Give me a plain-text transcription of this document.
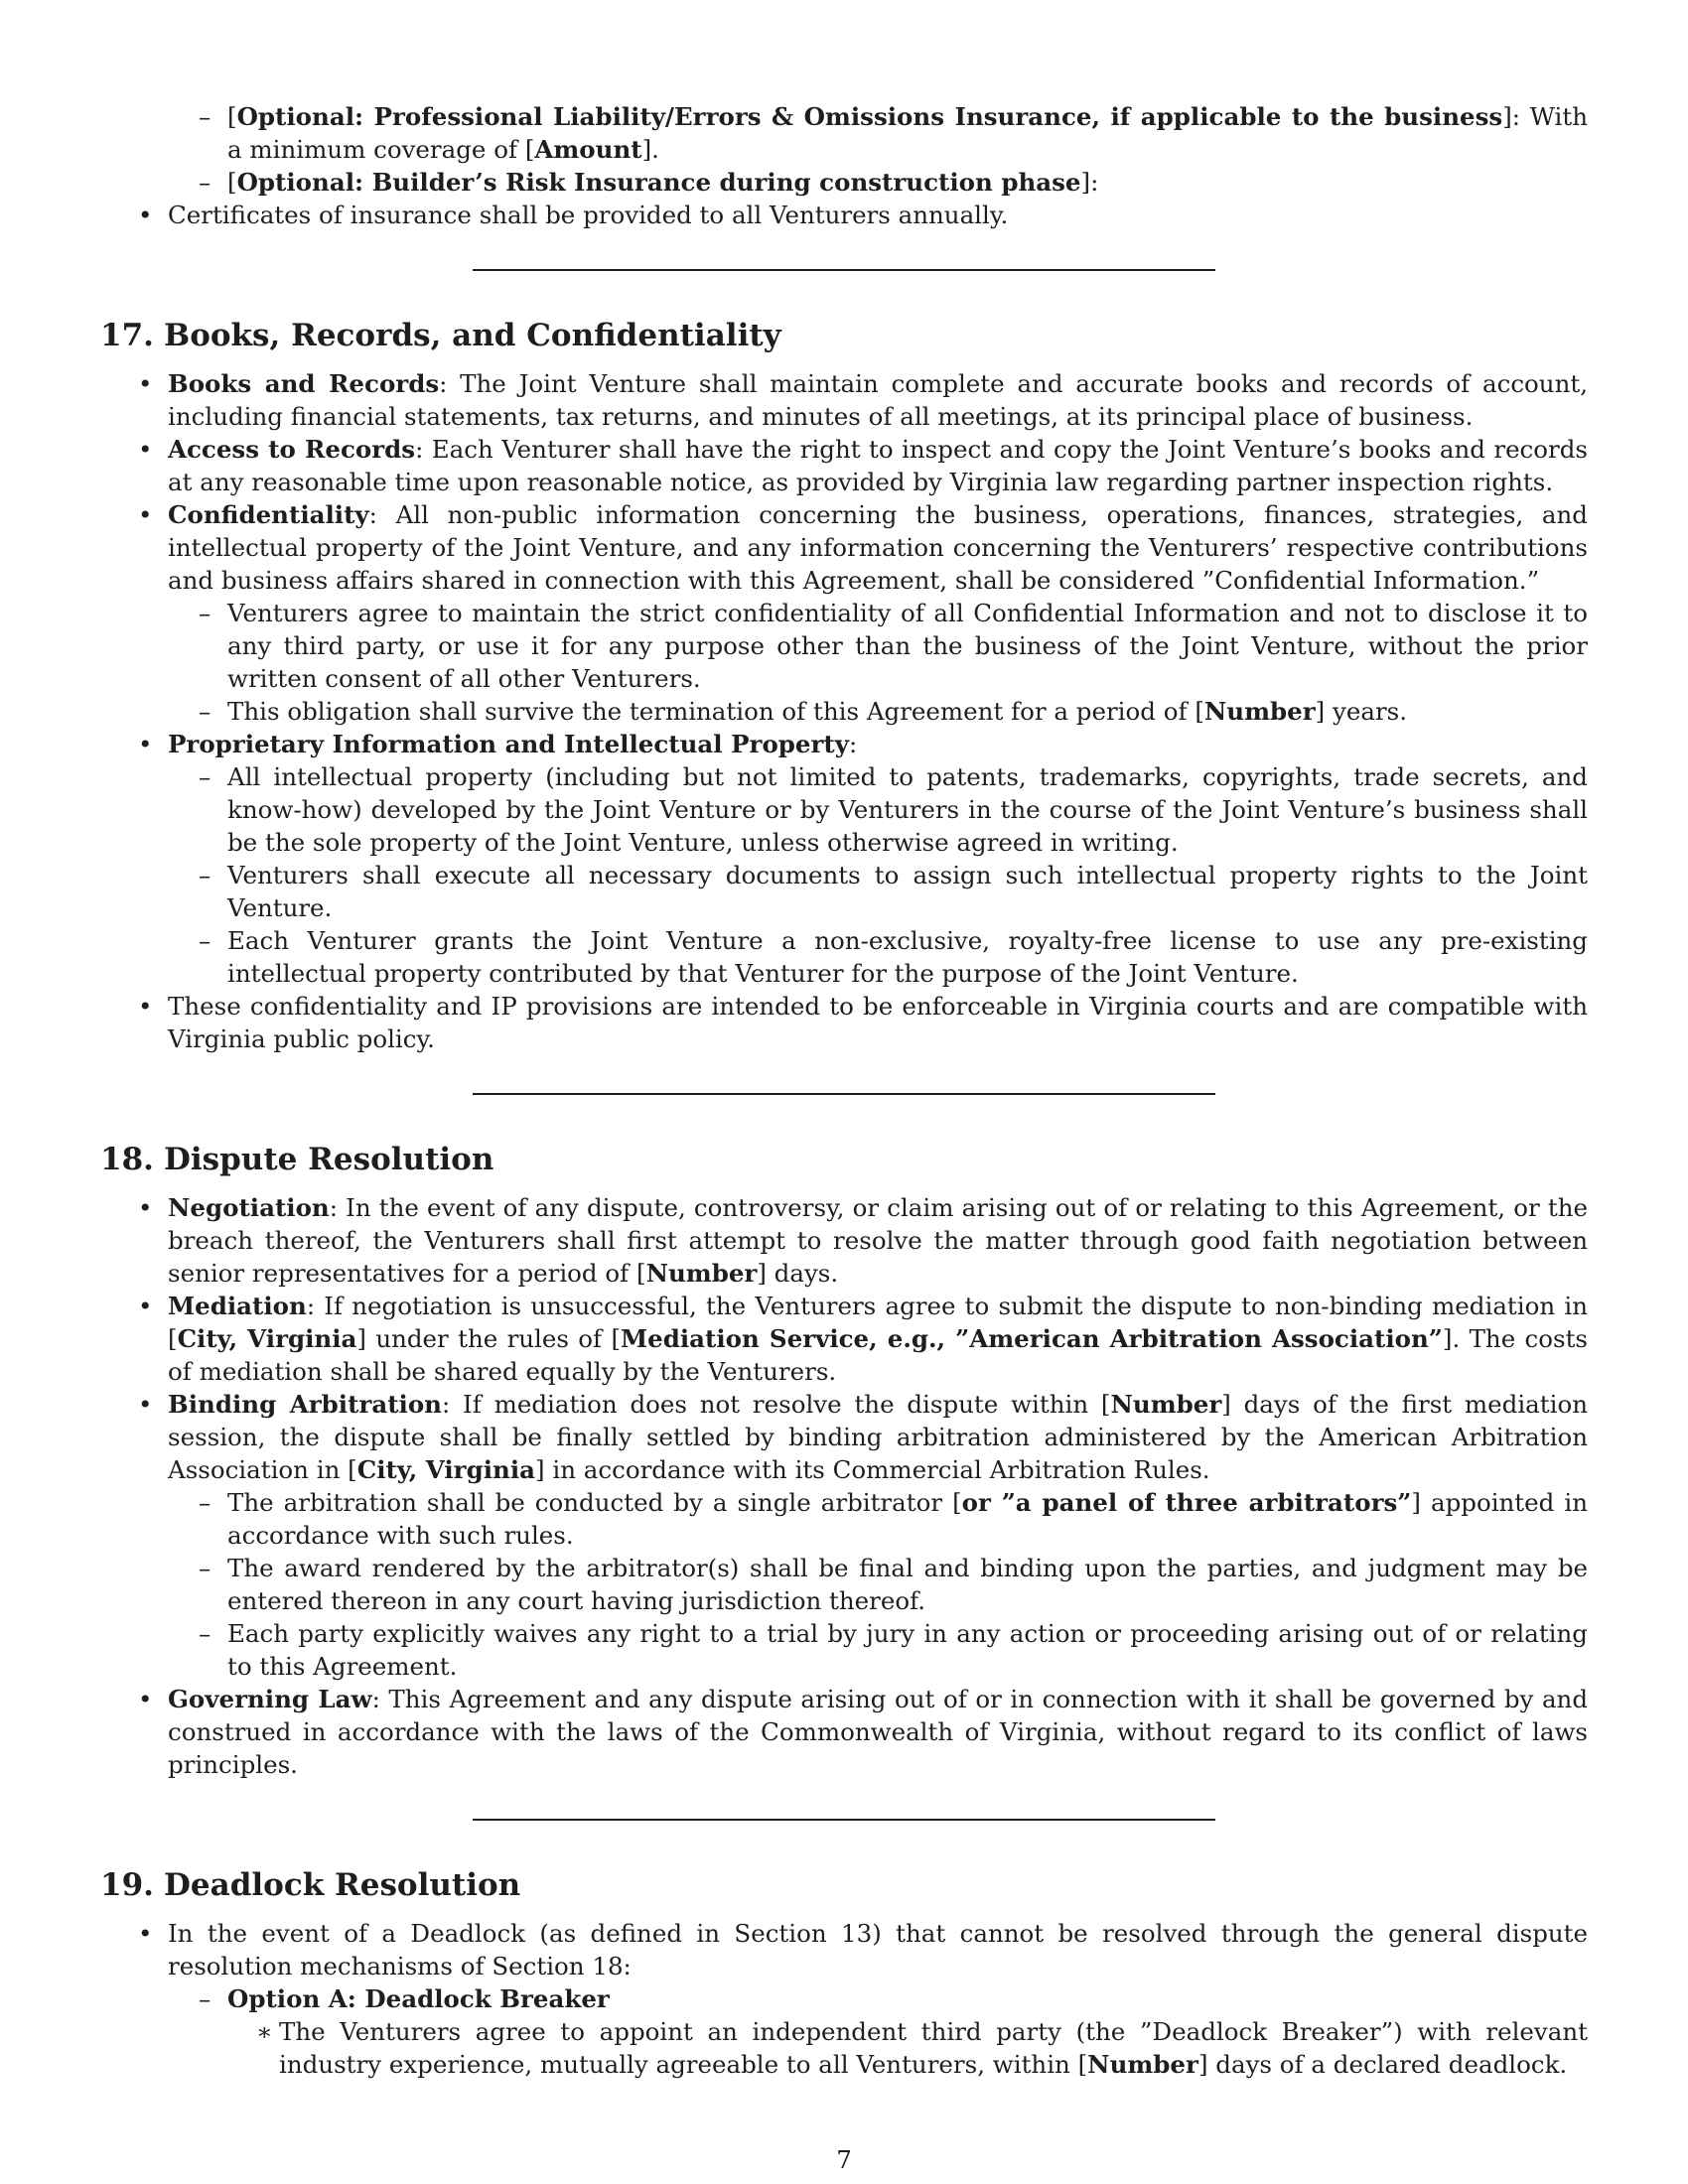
– [Optional: Professional Liability/Errors & Omissions Insurance, if applicable to the business]: With a minimum coverage of [Amount].
– [Optional: Builder’s Risk Insurance during construction phase]:
• Certificates of insurance shall be provided to all Venturers annually.
17. Books, Records, and Confidentiality
• Books and Records: The Joint Venture shall maintain complete and accurate books and records of account, including financial statements, tax returns, and minutes of all meetings, at its principal place of business.
• Access to Records: Each Venturer shall have the right to inspect and copy the Joint Venture’s books and records at any reasonable time upon reasonable notice, as provided by Virginia law regarding partner inspection rights.
• Confidentiality: All non-public information concerning the business, operations, finances, strategies, and intellectual property of the Joint Venture, and any information concerning the Venturers’ respective contributions and business affairs shared in connection with this Agreement, shall be considered ”Confidential Information.”
– Venturers agree to maintain the strict confidentiality of all Confidential Information and not to disclose it to any third party, or use it for any purpose other than the business of the Joint Venture, without the prior written consent of all other Venturers.
– This obligation shall survive the termination of this Agreement for a period of [Number] years.
• Proprietary Information and Intellectual Property:
– All intellectual property (including but not limited to patents, trademarks, copyrights, trade secrets, and know-how) developed by the Joint Venture or by Venturers in the course of the Joint Venture’s business shall be the sole property of the Joint Venture, unless otherwise agreed in writing.
– Venturers shall execute all necessary documents to assign such intellectual property rights to the Joint Venture.
– Each Venturer grants the Joint Venture a non-exclusive, royalty-free license to use any pre-existing intellectual property contributed by that Venturer for the purpose of the Joint Venture.
• These confidentiality and IP provisions are intended to be enforceable in Virginia courts and are compatible with Virginia public policy.
18. Dispute Resolution
• Negotiation: In the event of any dispute, controversy, or claim arising out of or relating to this Agreement, or the breach thereof, the Venturers shall first attempt to resolve the matter through good faith negotiation between senior representatives for a period of [Number] days.
• Mediation: If negotiation is unsuccessful, the Venturers agree to submit the dispute to non-binding mediation in [City, Virginia] under the rules of [Mediation Service, e.g., ”American Arbitration Association”]. The costs of mediation shall be shared equally by the Venturers.
• Binding Arbitration: If mediation does not resolve the dispute within [Number] days of the first mediation session, the dispute shall be finally settled by binding arbitration administered by the American Arbitration Association in [City, Virginia] in accordance with its Commercial Arbitration Rules.
– The arbitration shall be conducted by a single arbitrator [or ”a panel of three arbitrators”] appointed in accordance with such rules.
– The award rendered by the arbitrator(s) shall be final and binding upon the parties, and judgment may be entered thereon in any court having jurisdiction thereof.
– Each party explicitly waives any right to a trial by jury in any action or proceeding arising out of or relating to this Agreement.
• Governing Law: This Agreement and any dispute arising out of or in connection with it shall be governed by and construed in accordance with the laws of the Commonwealth of Virginia, without regard to its conflict of laws principles.
19. Deadlock Resolution
• In the event of a Deadlock (as defined in Section 13) that cannot be resolved through the general dispute resolution mechanisms of Section 18:
– Option A: Deadlock Breaker
∗ The Venturers agree to appoint an independent third party (the ”Deadlock Breaker”) with relevant industry experience, mutually agreeable to all Venturers, within [Number] days of a declared deadlock.
7
